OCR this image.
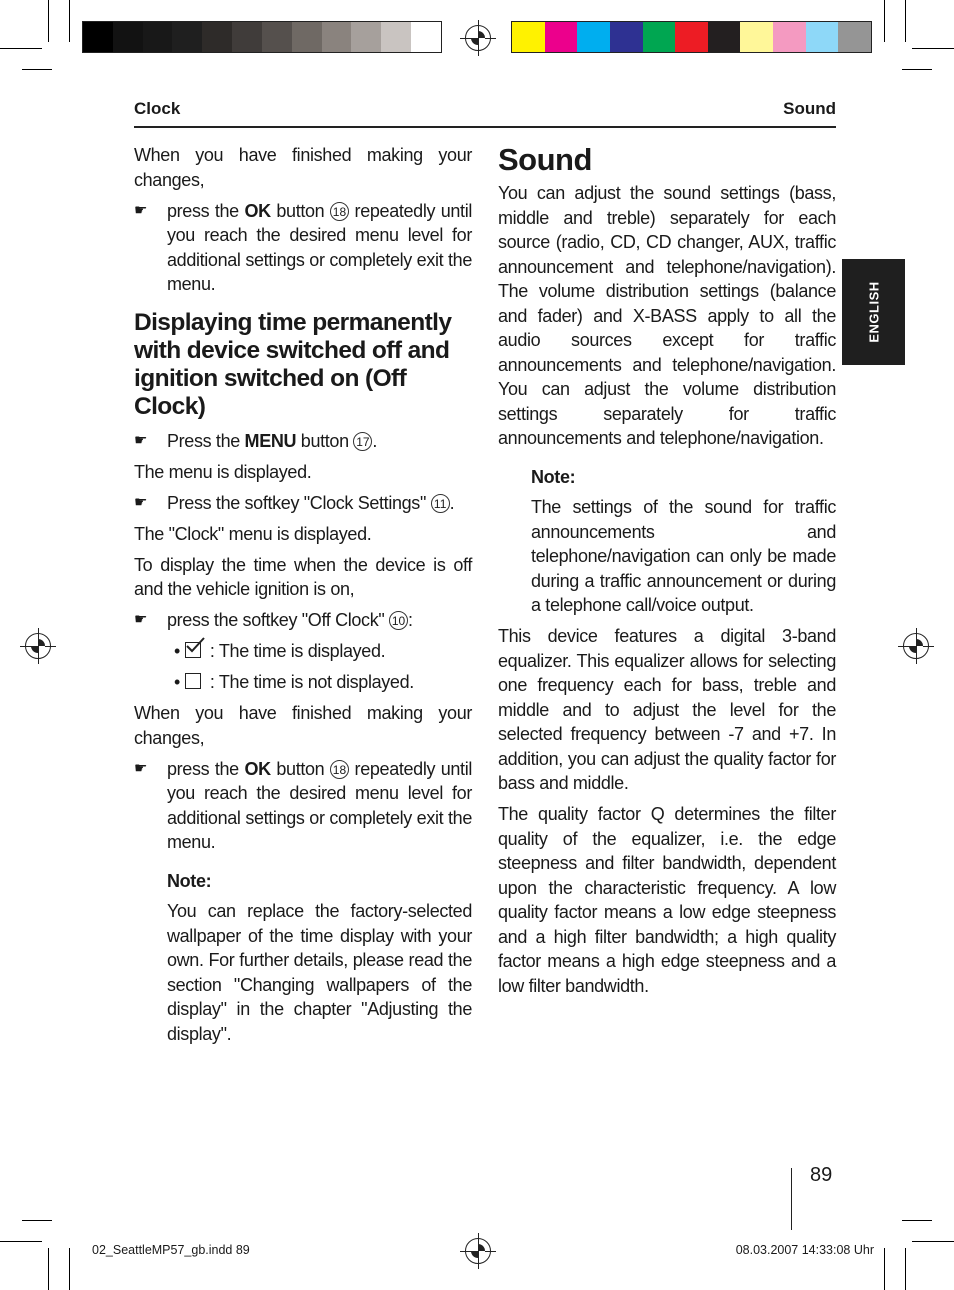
Clock	Sound
ENGLISH

When you have finished making your changes,

☛ press the OK button 18 repeatedly until you reach the desired menu level for additional settings or completely exit the menu.
Displaying time permanently with device switched off and ignition switched on (Off Clock)
☛ Press the MENU button 17 .

The menu is displayed.

☛ Press the softkey "Clock Settings" 11 .

The "Clock" menu is displayed.

To display the time when the device is off and the vehicle ignition is on,

☛ press the softkey "Off Clock" 10 :
•
: The time is displayed.
•   : The time is not displayed.

When you have finished making your changes,

☛ press the OK button 18 repeatedly until you reach the desired menu level for additional settings or completely exit the menu.
Note:

You can replace the factory-selected wallpaper of the time display with your own. For further details, please read the section "Changing wallpapers of the display" in the chapter "Adjusting the display".

Sound

You can adjust the sound settings (bass, middle and treble) separately for each source (radio, CD, CD changer, AUX, traffic announcement and telephone/navigation). The volume distribution settings (balance and fader) and X-BASS apply to all the audio sources except for traffic announcements and telephone/navigation. You can adjust the volume distribution settings separately for traffic announcements and telephone/navigation.

Note:

The settings of the sound for traffic announcements and telephone/navigation can only be made during a traffic announcement or during a telephone call/voice output.

This device features a digital 3-band equalizer. This equalizer allows for selecting one frequency each for bass, treble and middle and to adjust the level for the selected frequency between -7 and +7. In addition, you can adjust the quality factor for bass and middle.

The quality factor Q determines the filter quality of the equalizer, i.e. the edge steepness and filter bandwidth, dependent upon the characteristic frequency. A low quality factor means a low edge steepness and a high filter bandwidth; a high quality factor means a high edge steepness and a low filter bandwidth.

89
02_SeattleMP57_gb.indd 89	08.03.2007 14:33:08 Uhr
